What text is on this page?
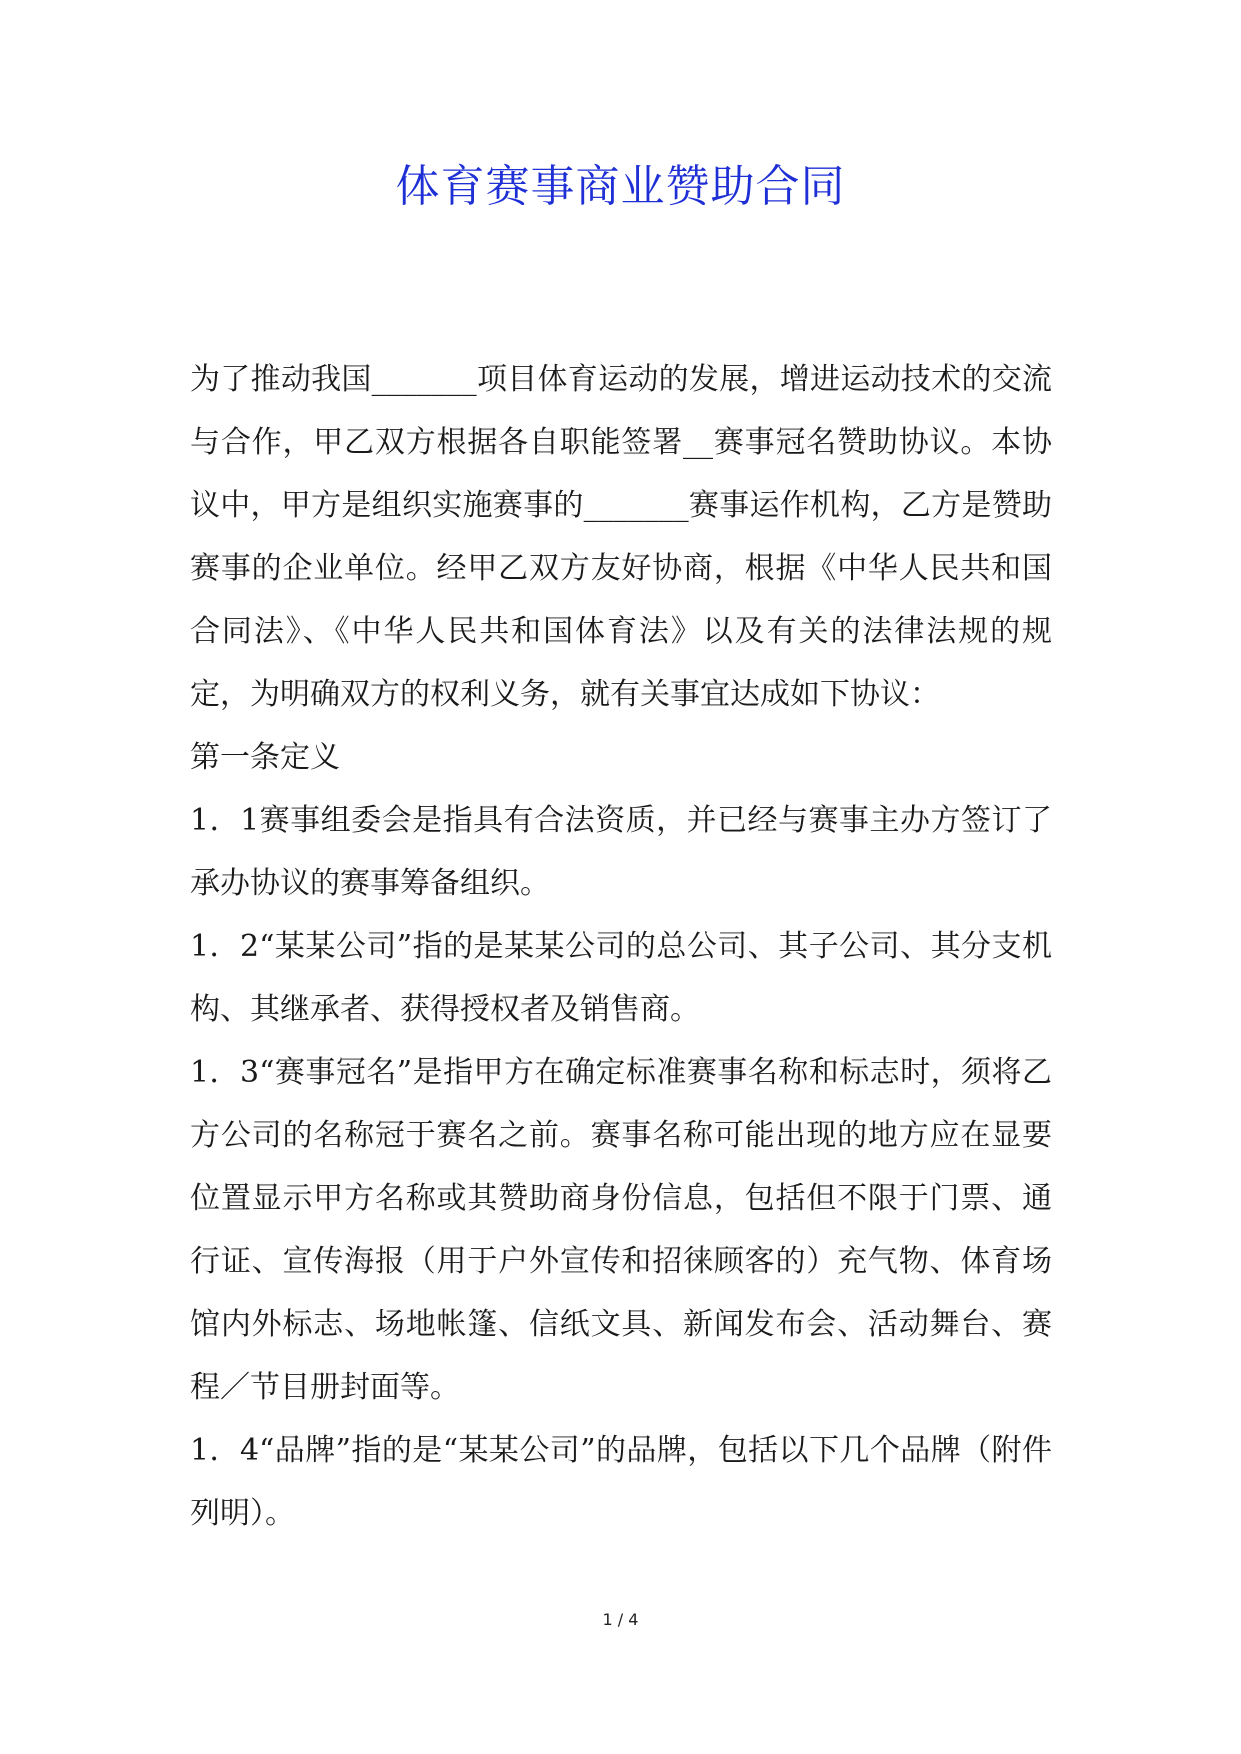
体育赛事商业赞助合同

为了推动我国_______项目体育运动的发展，增进运动技术的交流与合作，甲乙双方根据各自职能签署__赛事冠名赞助协议。本协议中，甲方是组织实施赛事的_______赛事运作机构，乙方是赞助赛事的企业单位。经甲乙双方友好协商，根据《中华人民共和国合同法》、《中华人民共和国体育法》以及有关的法律法规的规定，为明确双方的权利义务，就有关事宜达成如下协议：

第一条定义

1．1赛事组委会是指具有合法资质，并已经与赛事主办方签订了承办协议的赛事筹备组织。

1．2“某某公司”指的是某某公司的总公司、其子公司、其分支机构、其继承者、获得授权者及销售商。

1．3“赛事冠名”是指甲方在确定标准赛事名称和标志时，须将乙方公司的名称冠于赛名之前。赛事名称可能出现的地方应在显要位置显示甲方名称或其赞助商身份信息，包括但不限于门票、通行证、宣传海报（用于户外宣传和招徕顾客的）充气物、体育场馆内外标志、场地帐篷、信纸文具、新闻发布会、活动舞台、赛程／节目册封面等。

1．4“品牌”指的是“某某公司”的品牌，包括以下几个品牌（附件列明）。

1 / 4
